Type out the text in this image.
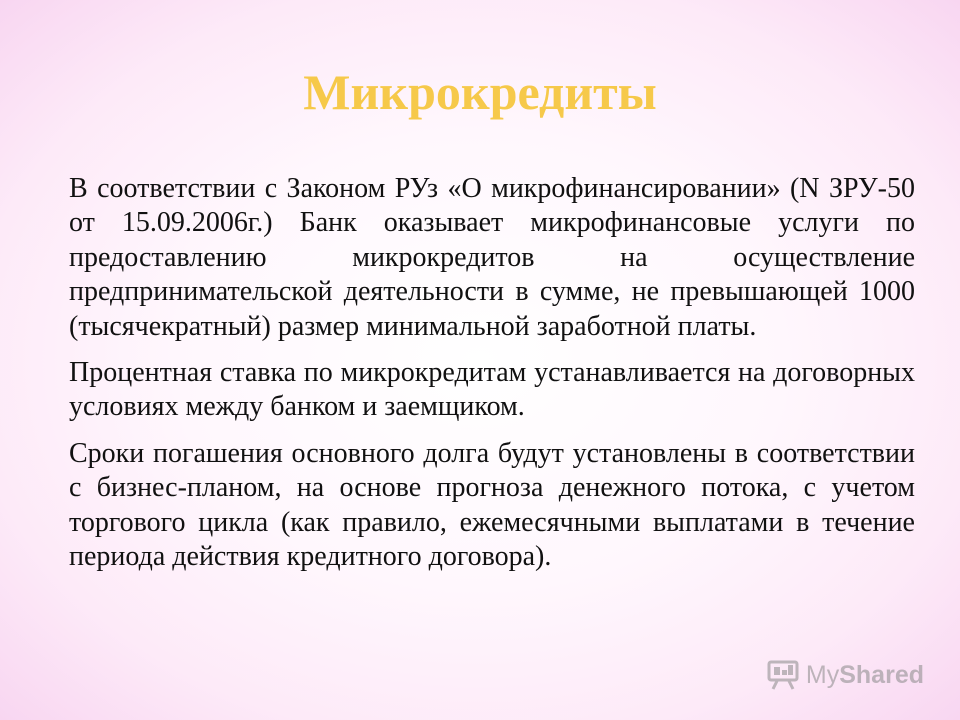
Микрокредиты

В соответствии с Законом РУз «О микрофинансировании» (N ЗРУ-50 от 15.09.2006г.) Банк оказывает микрофинансовые услуги по предоставлению микрокредитов на осуществление предпринимательской деятельности в сумме, не превышающей 1000 (тысячекратный) размер минимальной заработной платы.

Процентная ставка по микрокредитам устанавливается на договорных условиях между банком и заемщиком.

Сроки погашения основного долга будут установлены в соответствии с бизнес-планом, на основе прогноза денежного потока, с учетом торгового цикла (как правило, ежемесячными выплатами в течение периода действия кредитного договора).

MyShared
